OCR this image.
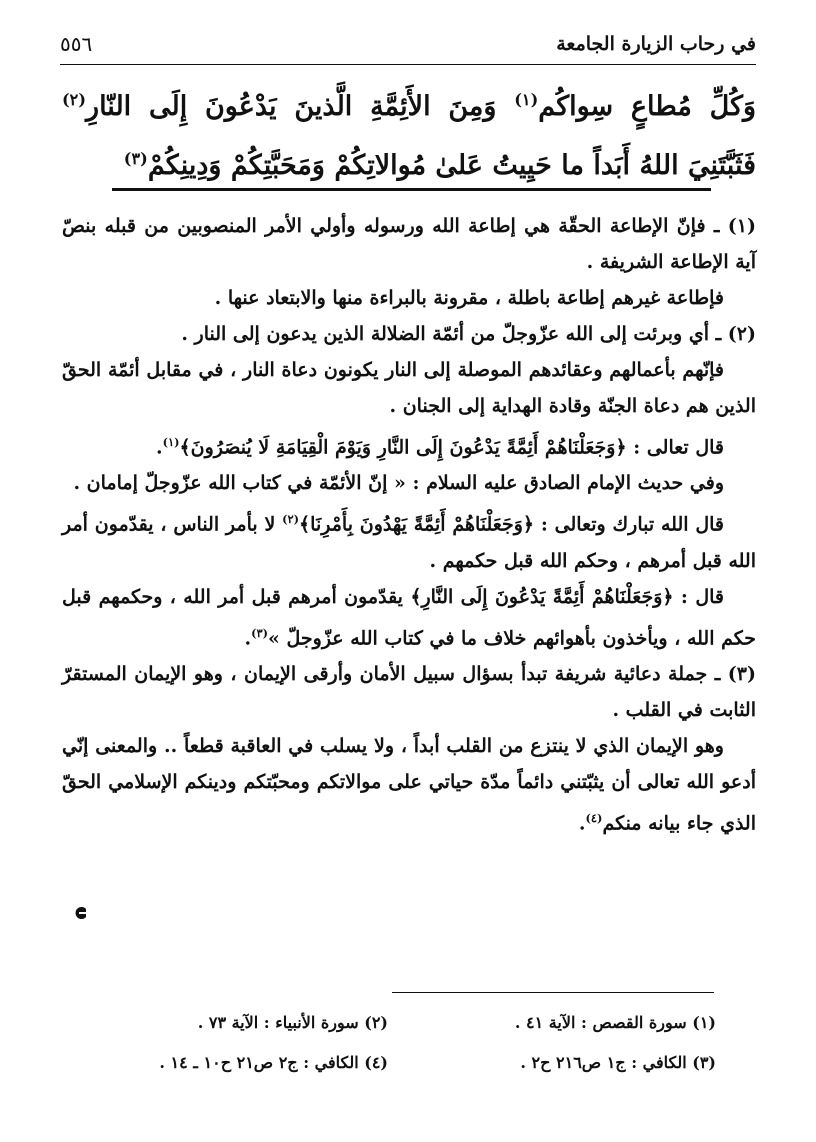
في رحاب الزيارة الجامعة
٥٥٦
وَكُلِّ مُطاعٍ سِواكُم$^{(١)}$ وَمِنَ الأَئِمَّةِ الَّذينَ يَدْعُونَ إِلَى النّارِ$^{(٢)}$ فَثَبَّتَنِيَ اللهُ أَبَداً ما حَيِيتُ عَلىٰ مُوالاتِكُمْ وَمَحَبَّتِكُمْ وَدِينِكُمْ$^{(٣)}$

(١) ـ فإنّ الإطاعة الحقّة هي إطاعة الله ورسوله وأولي الأمر المنصوبين من قبله بنصّ آية الإطاعة الشريفة .

فإطاعة غيرهم إطاعة باطلة ، مقرونة بالبراءة منها والابتعاد عنها .

(٢) ـ أي وبرئت إلى الله عزّوجلّ من أئمّة الضلالة الذين يدعون إلى النار .

فإنّهم بأعمالهم وعقائدهم الموصلة إلى النار يكونون دعاة النار ، في مقابل أئمّة الحقّ الذين هم دعاة الجنّة وقادة الهداية إلى الجنان .

قال تعالى : ﴿وَجَعَلْنَاهُمْ أَئِمَّةً يَدْعُونَ إِلَى النَّارِ وَيَوْمَ الْقِيَامَةِ لَا يُنصَرُونَ﴾$^{(١)}$.

وفي حديث الإمام الصادق عليه السلام : « إنّ الأئمّة في كتاب الله عزّوجلّ إمامان .

قال الله تبارك وتعالى : ﴿وَجَعَلْنَاهُمْ أَئِمَّةً يَهْدُونَ بِأَمْرِنَا﴾$^{(٢)}$ لا بأمر الناس ، يقدّمون أمر الله قبل أمرهم ، وحكم الله قبل حكمهم .

قال : ﴿وَجَعَلْنَاهُمْ أَئِمَّةً يَدْعُونَ إِلَى النَّارِ﴾ يقدّمون أمرهم قبل أمر الله ، وحكمهم قبل حكم الله ، ويأخذون بأهوائهم خلاف ما في كتاب الله عزّوجلّ »$^{(٣)}$.

(٣) ـ جملة دعائية شريفة تبدأ بسؤال سبيل الأمان وأرقى الإيمان ، وهو الإيمان المستقرّ الثابت في القلب .

وهو الإيمان الذي لا ينتزع من القلب أبداً ، ولا يسلب في العاقبة قطعاً .. والمعنى إنّي أدعو الله تعالى أن يثبّتني دائماً مدّة حياتي على موالاتكم ومحبّتكم ودينكم الإسلامي الحقّ الذي جاء بيانه منكم$^{(٤)}$.

(١) سورة القصص : الآية ٤١ .
(٢) سورة الأنبياء : الآية ٧٣ .
(٣) الكافي : ج١ ص٢١٦ ح٢ .
(٤) الكافي : ج٢ ص٢١ ح١٠ ـ ١٤ .
